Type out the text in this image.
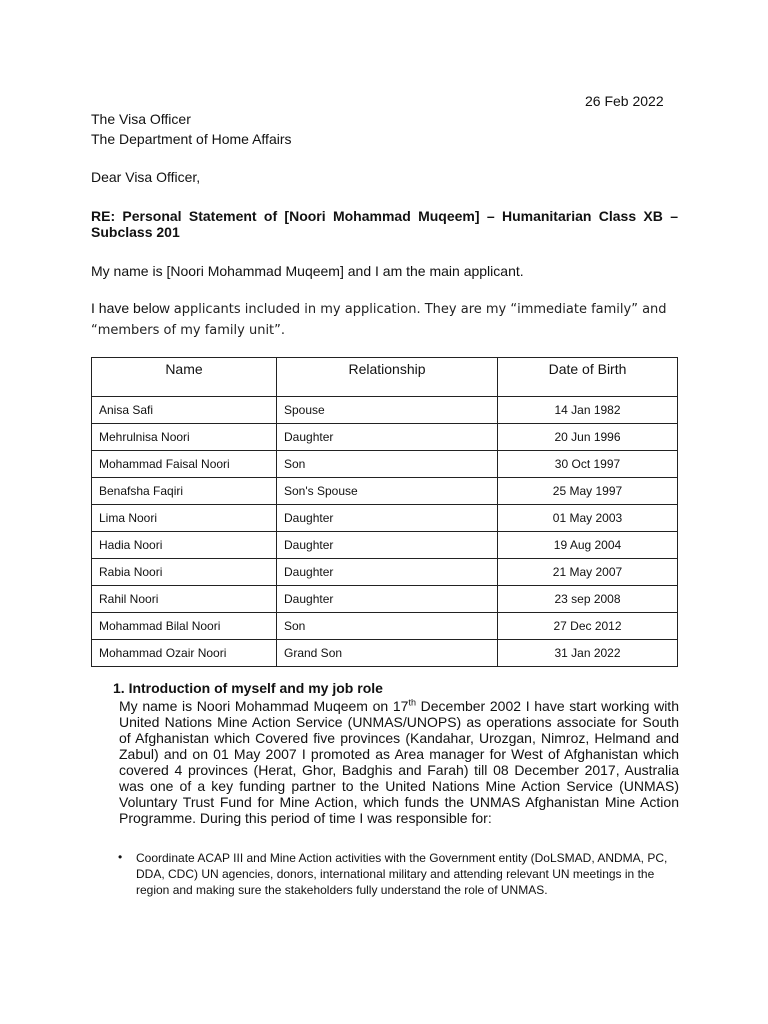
26 Feb 2022
The Visa Officer
The Department of Home Affairs
Dear Visa Officer,
RE: Personal Statement of [Noori Mohammad Muqeem] – Humanitarian Class XB –
Subclass 201
My name is [Noori Mohammad Muqeem] and I am the main applicant.
I have below applicants included in my application. They are my “immediate family” and “members of my family unit”.
Name	Relationship	Date of Birth
Anisa Safi	Spouse	14 Jan 1982
Mehrulnisa Noori	Daughter	20 Jun 1996
Mohammad Faisal Noori	Son	30 Oct 1997
Benafsha Faqiri	Son's Spouse	25 May 1997
Lima Noori	Daughter	01 May 2003
Hadia Noori	Daughter	19 Aug 2004
Rabia Noori	Daughter	21 May 2007
Rahil Noori	Daughter	23 sep 2008
Mohammad Bilal Noori	Son	27 Dec 2012
Mohammad Ozair Noori	Grand Son	31 Jan 2022
1. Introduction of myself and my job role
My name is Noori Mohammad Muqeem on 17th December 2002 I have start working with United Nations Mine Action Service (UNMAS/UNOPS) as operations associate for South of Afghanistan which Covered five provinces (Kandahar, Urozgan, Nimroz, Helmand and Zabul) and on 01 May 2007 I promoted as Area manager for West of Afghanistan which covered 4 provinces (Herat, Ghor, Badghis and Farah) till 08 December 2017, Australia was one of a key funding partner to the United Nations Mine Action Service (UNMAS) Voluntary Trust Fund for Mine Action, which funds the UNMAS Afghanistan Mine Action Programme. During this period of time I was responsible for:
• Coordinate ACAP III and Mine Action activities with the Government entity (DoLSMAD, ANDMA, PC, DDA, CDC) UN agencies, donors, international military and attending relevant UN meetings in the region and making sure the stakeholders fully understand the role of UNMAS.
